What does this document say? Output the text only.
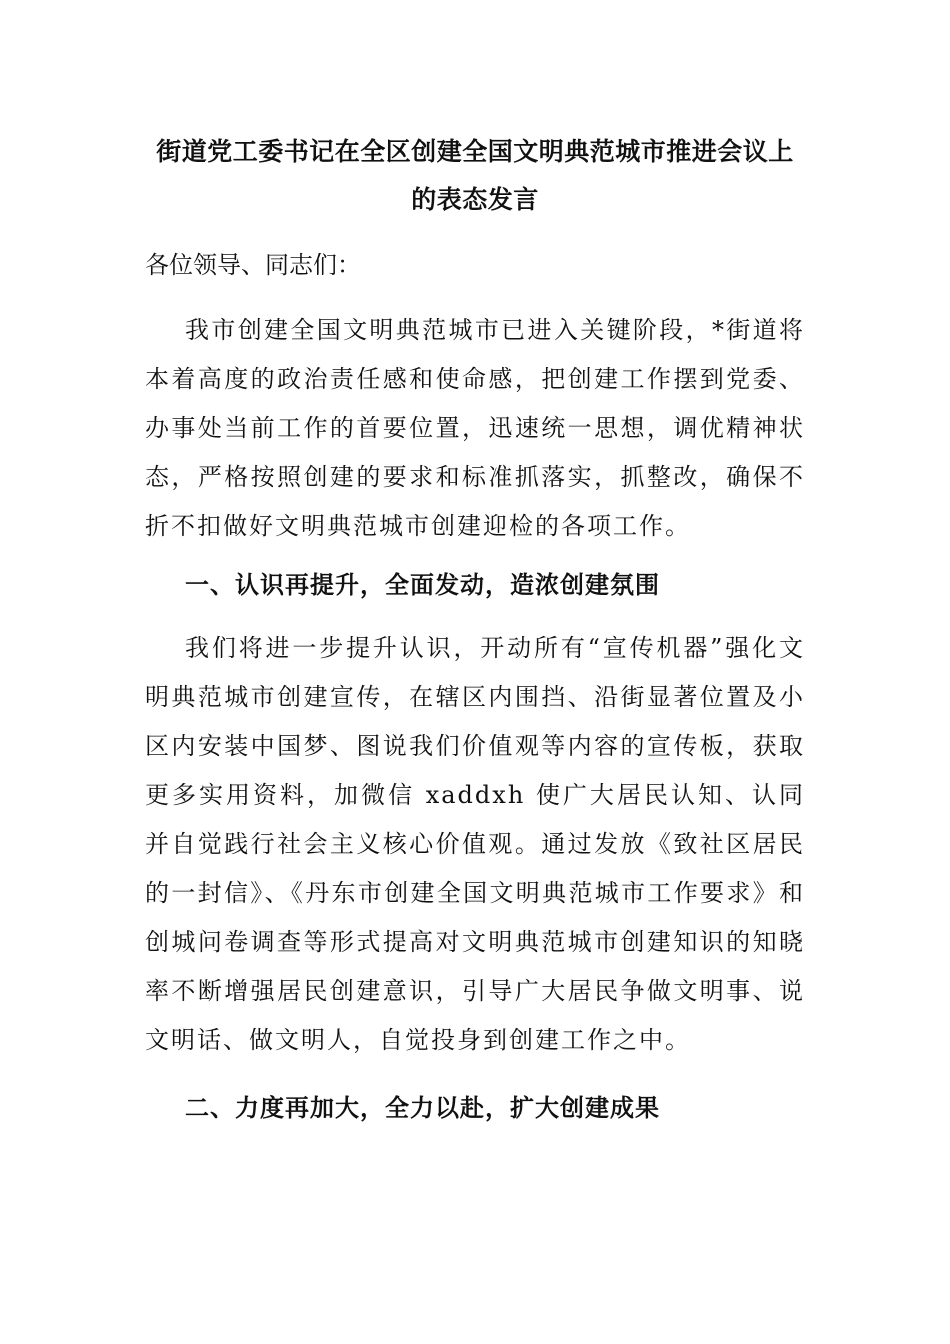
街道党工委书记在全区创建全国文明典范城市推进会议上
的表态发言
各位领导、同志们：

我市创建全国文明典范城市已进入关键阶段，*街道将本着高度的政治责任感和使命感，把创建工作摆到党委、办事处当前工作的首要位置，迅速统一思想，调优精神状态，严格按照创建的要求和标准抓落实，抓整改，确保不折不扣做好文明典范城市创建迎检的各项工作。

一、认识再提升，全面发动，造浓创建氛围

我们将进一步提升认识，开动所有“宣传机器”强化文明典范城市创建宣传，在辖区内围挡、沿街显著位置及小区内安装中国梦、图说我们价值观等内容的宣传板，获取更多实用资料，加微信 xaddxh 使广大居民认知、认同并自觉践行社会主义核心价值观。通过发放《致社区居民的一封信》、《丹东市创建全国文明典范城市工作要求》和创城问卷调查等形式提高对文明典范城市创建知识的知晓率不断增强居民创建意识，引导广大居民争做文明事、说文明话、做文明人，自觉投身到创建工作之中。

二、力度再加大，全力以赴，扩大创建成果
